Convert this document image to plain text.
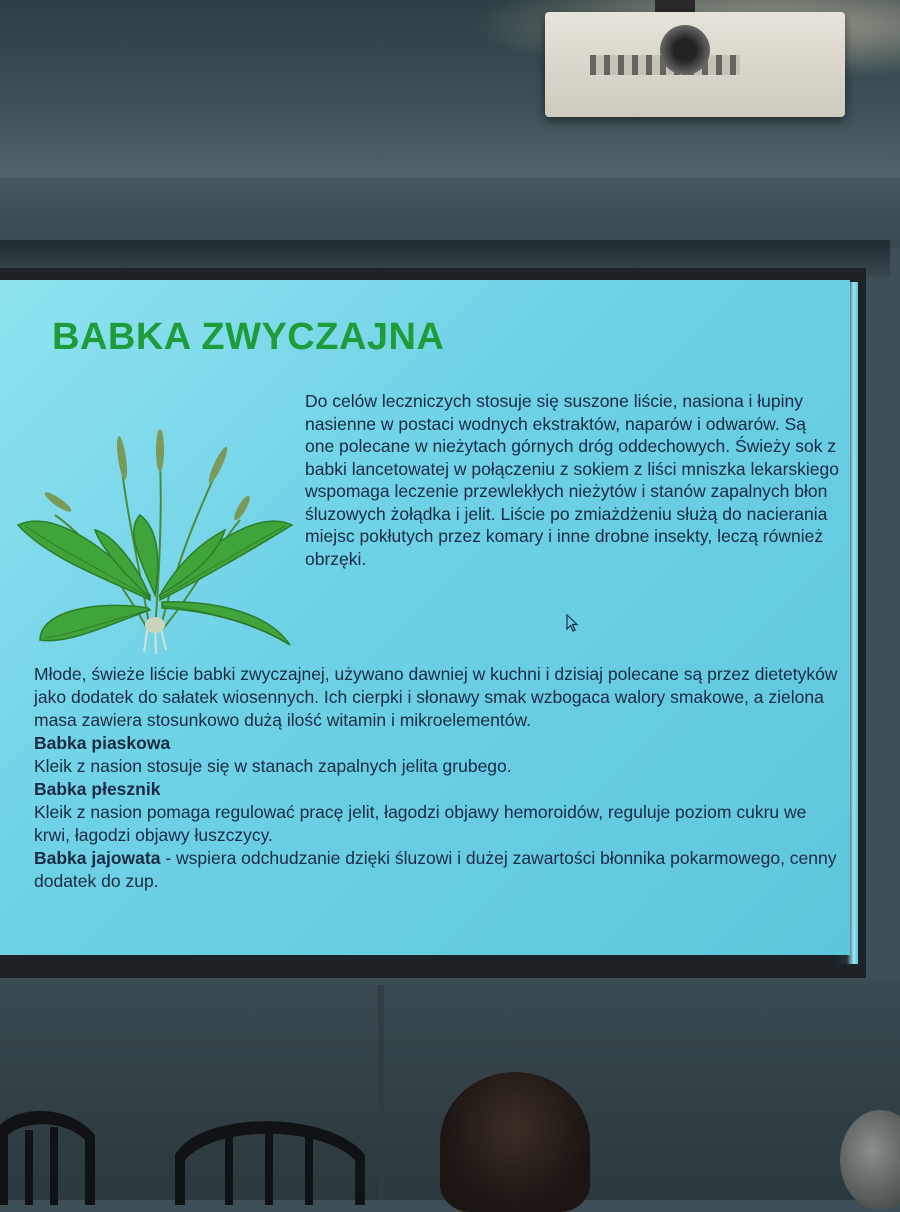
BABKA ZWYCZAJNA

Do celów leczniczych stosuje się suszone liście, nasiona i łupiny nasienne w postaci wodnych ekstraktów, naparów i odwarów. Są one polecane w nieżytach górnych dróg oddechowych. Świeży sok z babki lancetowatej w połączeniu z sokiem z liści mniszka lekarskiego wspomaga leczenie przewlekłych nieżytów i stanów zapalnych błon śluzowych żołądka i jelit. Liście po zmiażdżeniu służą do nacierania miejsc pokłutych przez komary i inne drobne insekty, leczą również obrzęki.

Młode, świeże liście babki zwyczajnej, używano dawniej w kuchni i dzisiaj polecane są przez dietetyków jako dodatek do sałatek wiosennych. Ich cierpki i słonawy smak wzbogaca walory smakowe, a zielona masa zawiera stosunkowo dużą ilość witamin i mikroelementów.

Babka piaskowa

Kleik z nasion stosuje się w stanach zapalnych jelita grubego.

Babka płesznik

Kleik z nasion pomaga regulować pracę jelit, łagodzi objawy hemoroidów, reguluje poziom cukru we krwi, łagodzi objawy łuszczycy.

Babka jajowata - wspiera odchudzanie dzięki śluzowi i dużej zawartości błonnika pokarmowego, cenny dodatek do zup.
